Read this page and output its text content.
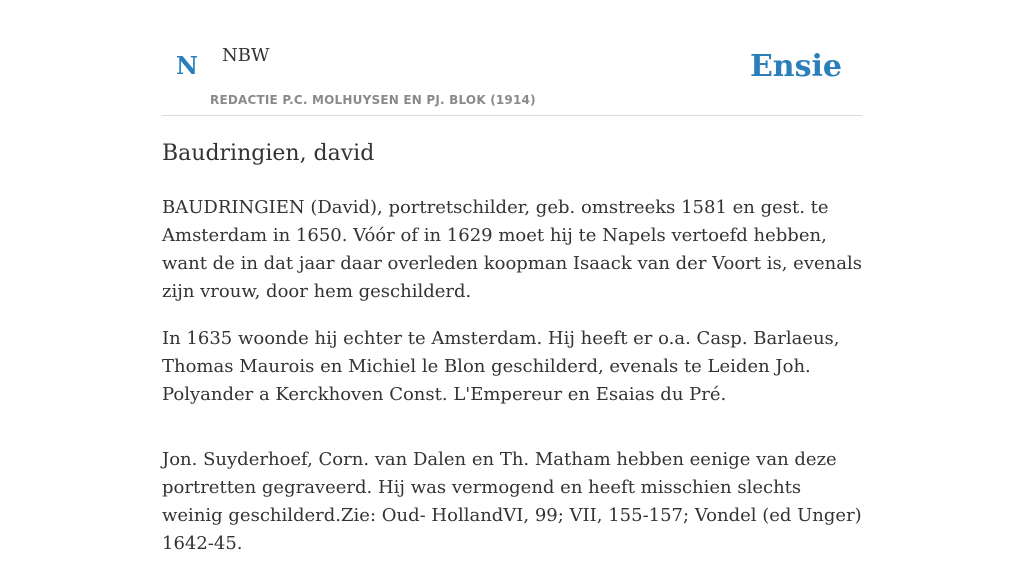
N NBW
REDACTIE P.C. MOLHUYSEN EN PJ. BLOK (1914)
Ensie
Baudringien, david

BAUDRINGIEN (David), portretschilder, geb. omstreeks 1581 en gest. te Amsterdam in 1650. Vóór of in 1629 moet hij te Napels vertoefd hebben, want de in dat jaar daar overleden koopman Isaack van der Voort is, evenals zijn vrouw, door hem geschilderd.

In 1635 woonde hij echter te Amsterdam. Hij heeft er o.a. Casp. Barlaeus, Thomas Maurois en Michiel le Blon geschilderd, evenals te Leiden Joh. Polyander a Kerckhoven Const. L'Empereur en Esaias du Pré.

Jon. Suyderhoef, Corn. van Dalen en Th. Matham hebben eenige van deze portretten gegraveerd. Hij was vermogend en heeft misschien slechts weinig geschilderd.Zie: Oud- HollandVI, 99; VII, 155-157; Vondel (ed Unger) 1642-45.
